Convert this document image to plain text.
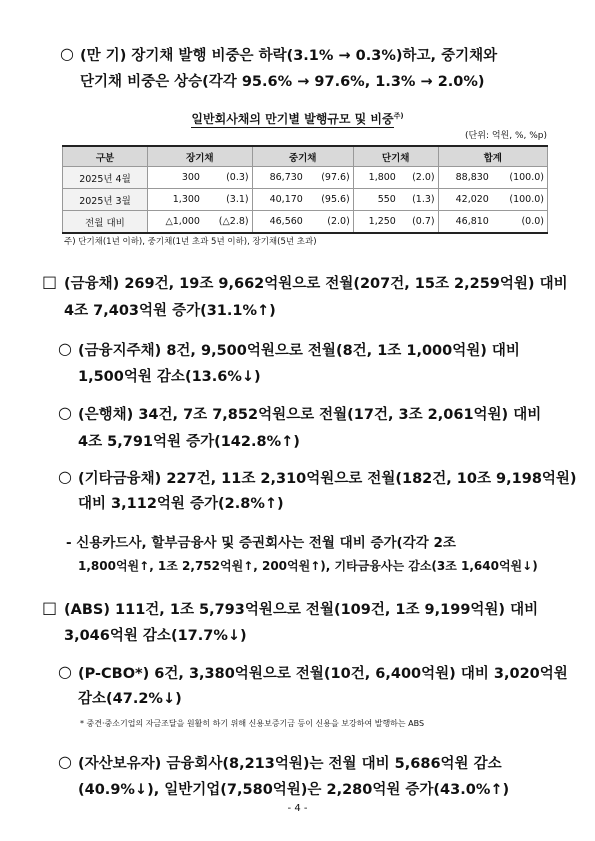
○ (만 기) 장기채 발행 비중은 하락(3.1% → 0.3%)하고, 중기채와
단기채 비중은 상승(각각 95.6% → 97.6%, 1.3% → 2.0%)
일반회사채의 만기별 발행규모 및 비중$^{주)}$
(단위: 억원, %, %p)
구분	장기채		중기채		단기채		합계	
2025년 4월	300	(0.3)	86,730	(97.6)	1,800	(2.0)	88,830	(100.0)
2025년 3월	1,300	(3.1)	40,170	(95.6)	550	(1.3)	42,020	(100.0)
전월 대비	△1,000	(△2.8)	46,560	(2.0)	1,250	(0.7)	46,810	(0.0)
주) 단기채(1년 이하), 중기채(1년 초과 5년 이하), 장기채(5년 초과)
□ (금융채) 269건, 19조 9,662억원으로 전월(207건, 15조 2,259억원) 대비
4조 7,403억원 증가(31.1%↑)
○ (금융지주채) 8건, 9,500억원으로 전월(8건, 1조 1,000억원) 대비
1,500억원 감소(13.6%↓)
○ (은행채) 34건, 7조 7,852억원으로 전월(17건, 3조 2,061억원) 대비
4조 5,791억원 증가(142.8%↑)
○ (기타금융채) 227건, 11조 2,310억원으로 전월(182건, 10조 9,198억원)
대비 3,112억원 증가(2.8%↑)
- 신용카드사, 할부금융사 및 증권회사는 전월 대비 증가(각각 2조
1,800억원↑, 1조 2,752억원↑, 200억원↑), 기타금융사는 감소(3조 1,640억원↓)
□ (ABS) 111건, 1조 5,793억원으로 전월(109건, 1조 9,199억원) 대비
3,046억원 감소(17.7%↓)
○ (P-CBO*) 6건, 3,380억원으로 전월(10건, 6,400억원) 대비 3,020억원
감소(47.2%↓)
* 중견·중소기업의 자금조달을 원활히 하기 위해 신용보증기금 등이 신용을 보강하여 발행하는 ABS
○ (자산보유자) 금융회사(8,213억원)는 전월 대비 5,686억원 감소
(40.9%↓), 일반기업(7,580억원)은 2,280억원 증가(43.0%↑)
- 4 -
